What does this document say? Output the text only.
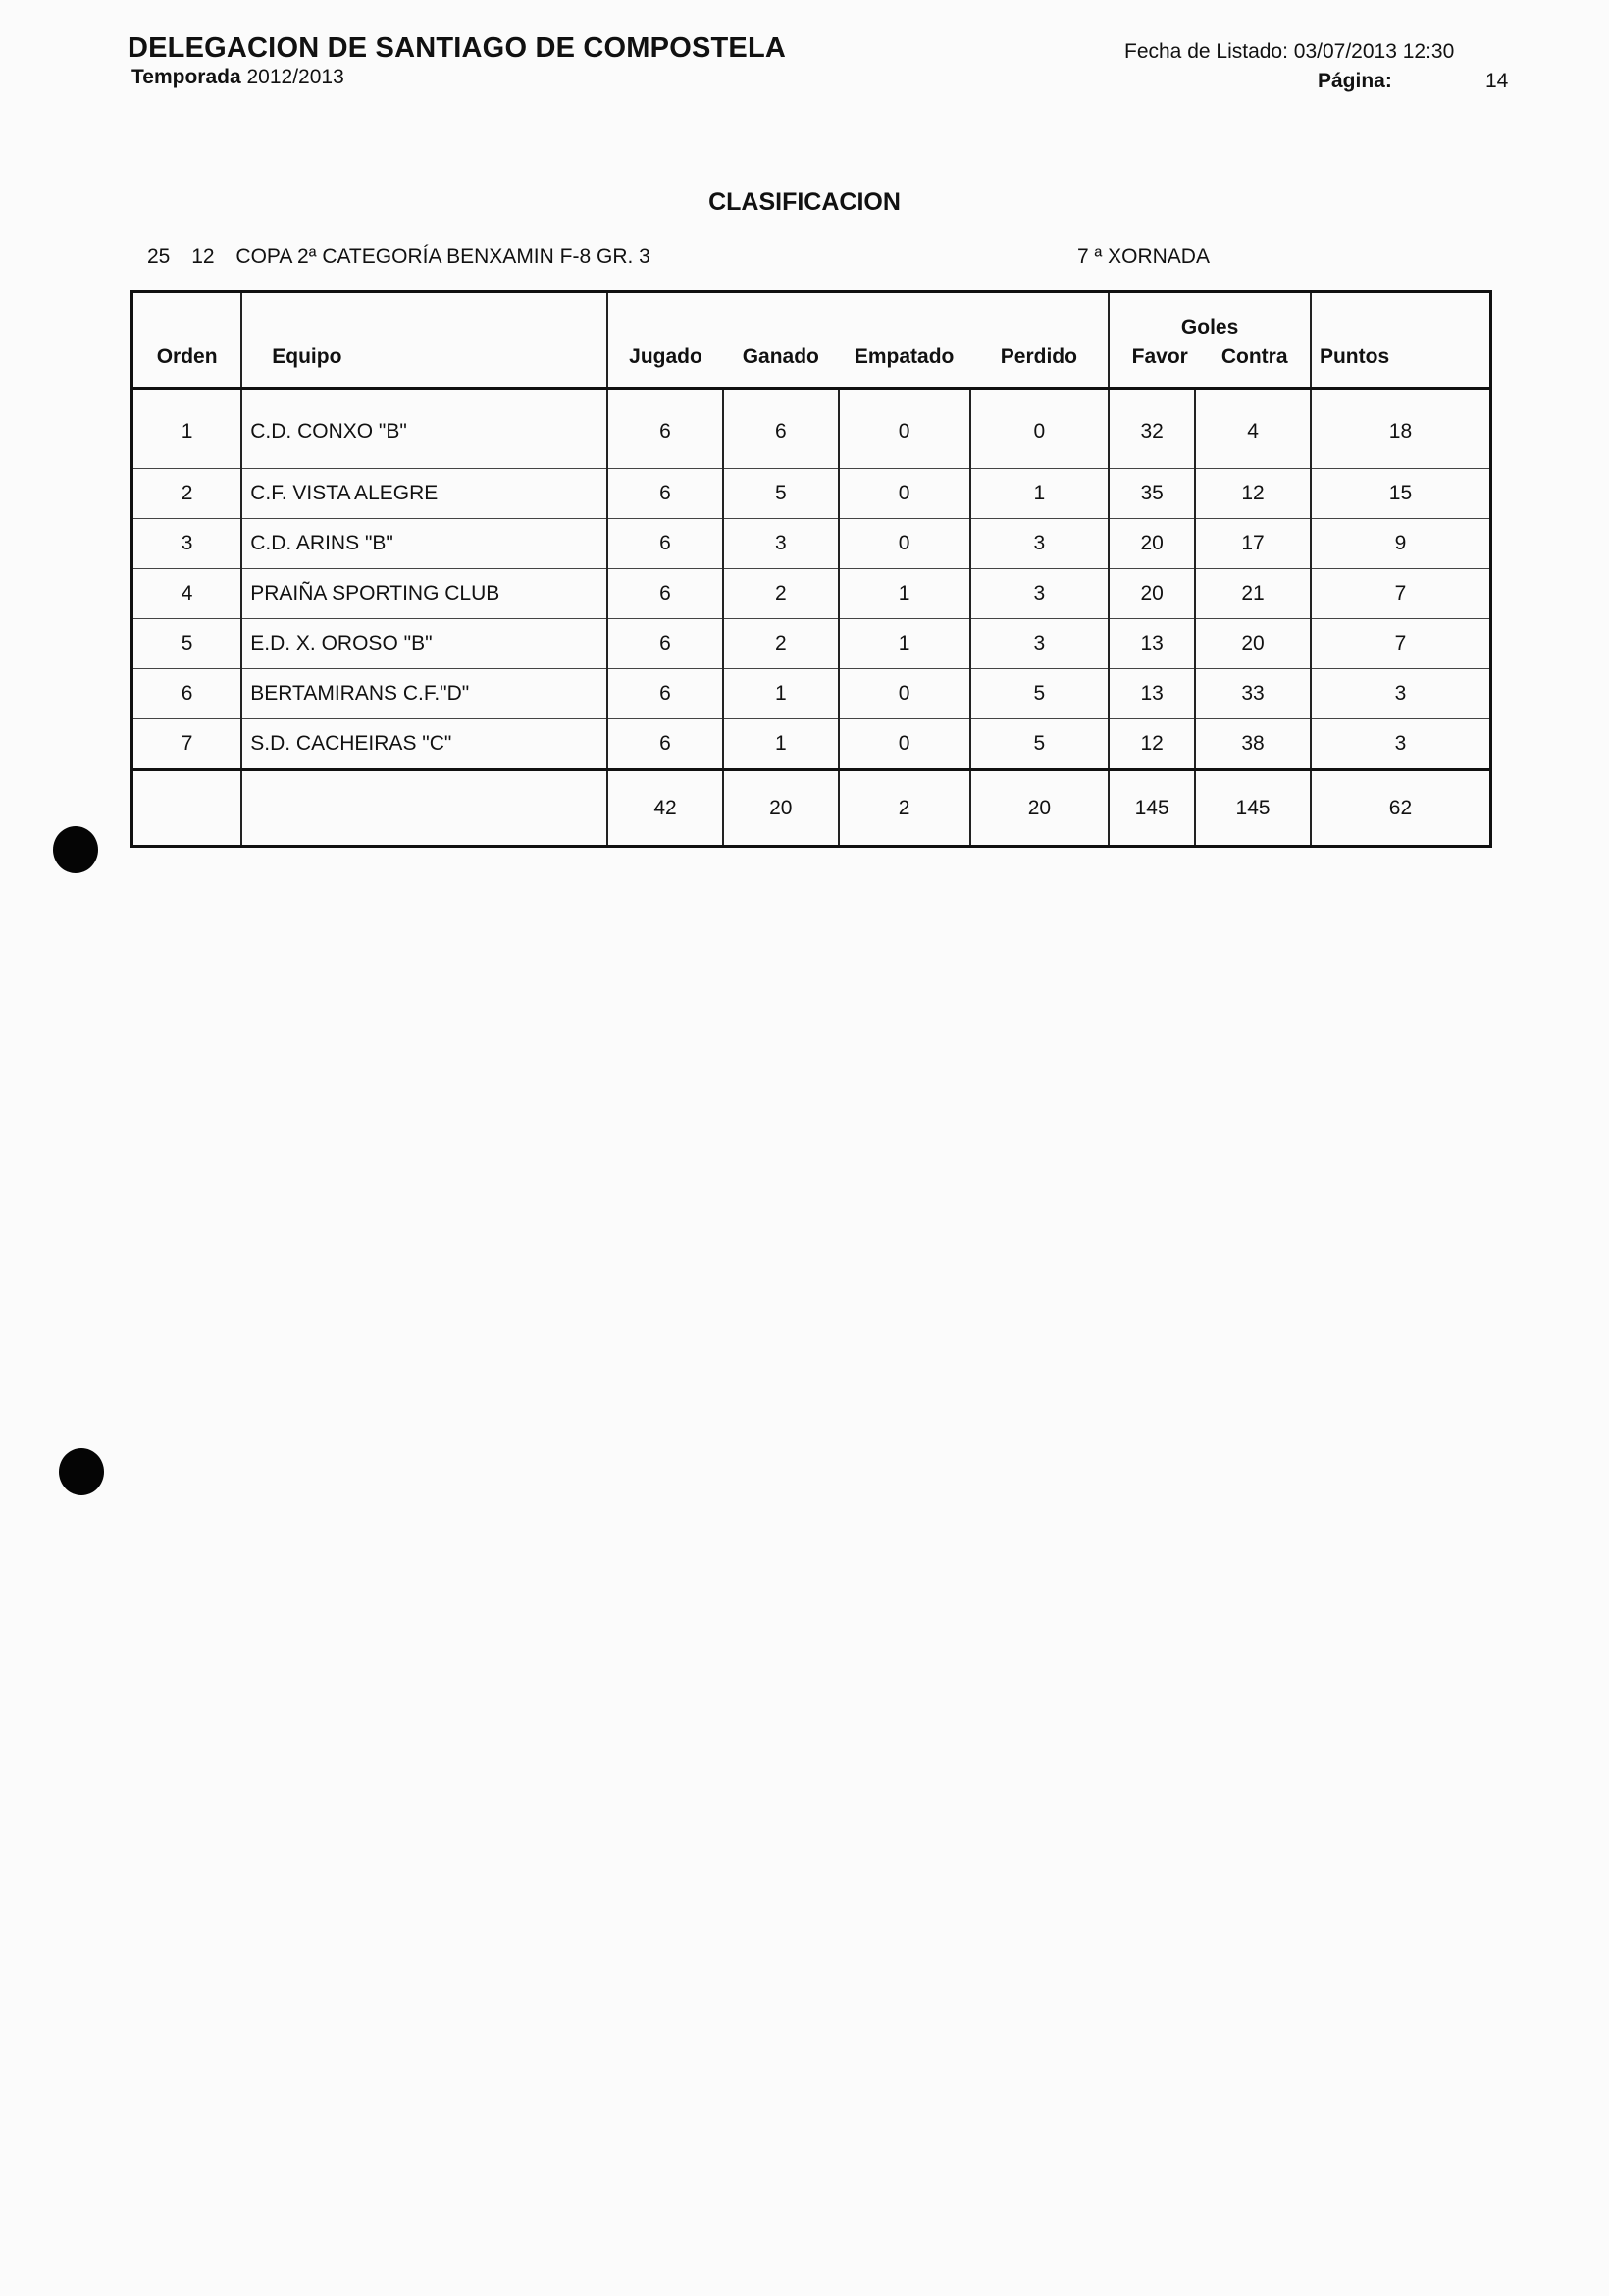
DELEGACION DE SANTIAGO DE COMPOSTELA
Temporada 2012/2013
Fecha de Listado: 03/07/2013 12:30
Página:	14
CLASIFICACION
25 12 COPA 2ª CATEGORÍA BENXAMIN F-8 GR. 3	7 ª XORNADA
Orden	Equipo	Jugado	Ganado	Empatado	Perdido	Goles
Favor Contra		Puntos
1	C.D. CONXO "B"	6	6	0	0	32	4	18
2	C.F. VISTA ALEGRE	6	5	0	1	35	12	15
3	C.D. ARINS "B"	6	3	0	3	20	17	9
4	PRAIÑA SPORTING CLUB	6	2	1	3	20	21	7
5	E.D. X. OROSO "B"	6	2	1	3	13	20	7
6	BERTAMIRANS C.F."D"	6	1	0	5	13	33	3
7	S.D. CACHEIRAS "C"	6	1	0	5	12	38	3
		42	20	2	20	145	145	62
